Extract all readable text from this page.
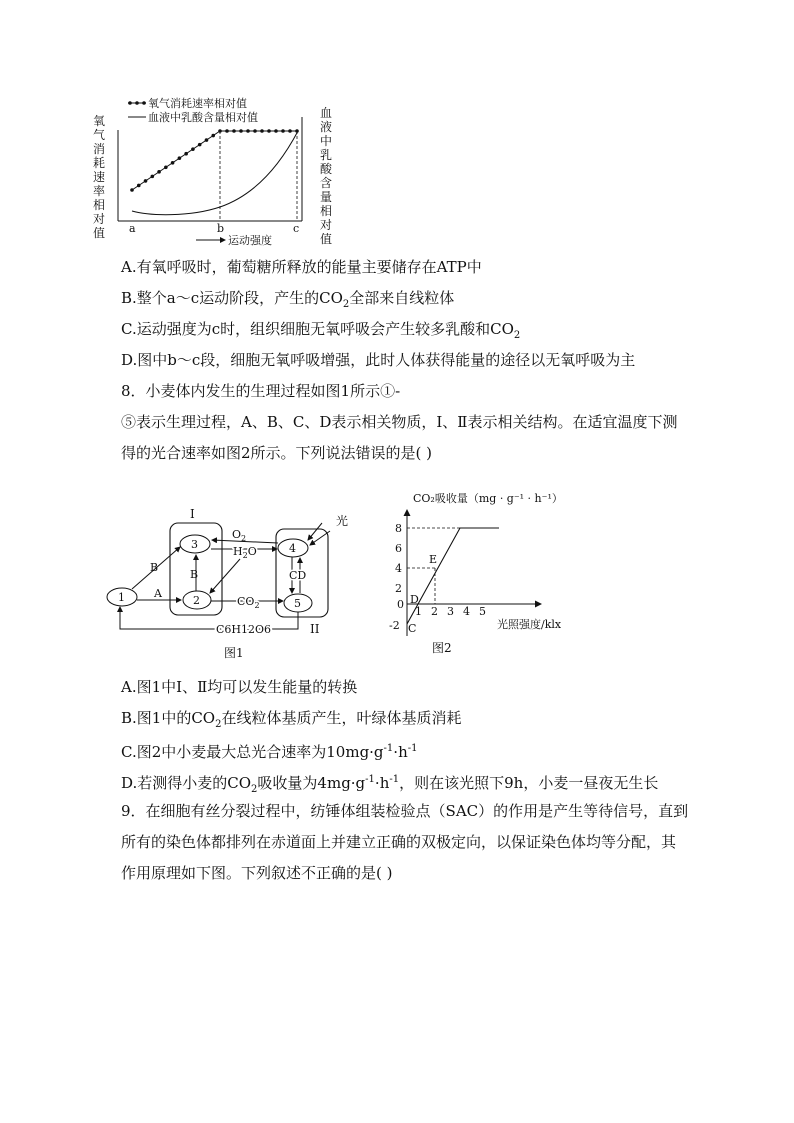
氧
气
消
耗
速
率
相
对
值
血
液
中
乳
酸
含
量
相
对
值
氧气消耗速率相对值
血液中乳酸含量相对值
a	b	c
运动强度
A.有氧呼吸时，葡萄糖所释放的能量主要储存在ATP中
B.整个a～c运动阶段，产生的$CO_2$全部来自线粒体
C.运动强度为c时，组织细胞无氧呼吸会产生较多乳酸和$CO_2$
D.图中b～c段，细胞无氧呼吸增强，此时人体获得能量的途径以无氧呼吸为主
8．小麦体内发生的生理过程如图1所示①-
⑤表示生理过程，A、B、C、D表示相关物质，I、Ⅱ表示相关结构。在适宜温度下测
得的光合速率如图2所示。下列说法错误的是( )
I
II
3
2
1
4
5
A
B
B
$O_2$
$H_2O$
$CO_2$
CD
光
C6H12O6
图1
CO₂吸收量（mg · g⁻¹ · h⁻¹）
8
6
4
2
0
-2
1 2 3 4 5
E
D
C	光照强度/klx
图2
A.图1中I、Ⅱ均可以发生能量的转换
B.图1中的$CO_2$在线粒体基质产生，叶绿体基质消耗
C.图2中小麦最大总光合速率为$10mg\cdot g^{-1}\cdot h^{-1}$
D.若测得小麦的$CO_2$吸收量为$4mg\cdot g^{-1}\cdot h^{-1}$，则在该光照下9h，小麦一昼夜无生长
9．在细胞有丝分裂过程中，纺锤体组装检验点（SAC）的作用是产生等待信号，直到
所有的染色体都排列在赤道面上并建立正确的双极定向，以保证染色体均等分配，其
作用原理如下图。下列叙述不正确的是( )
